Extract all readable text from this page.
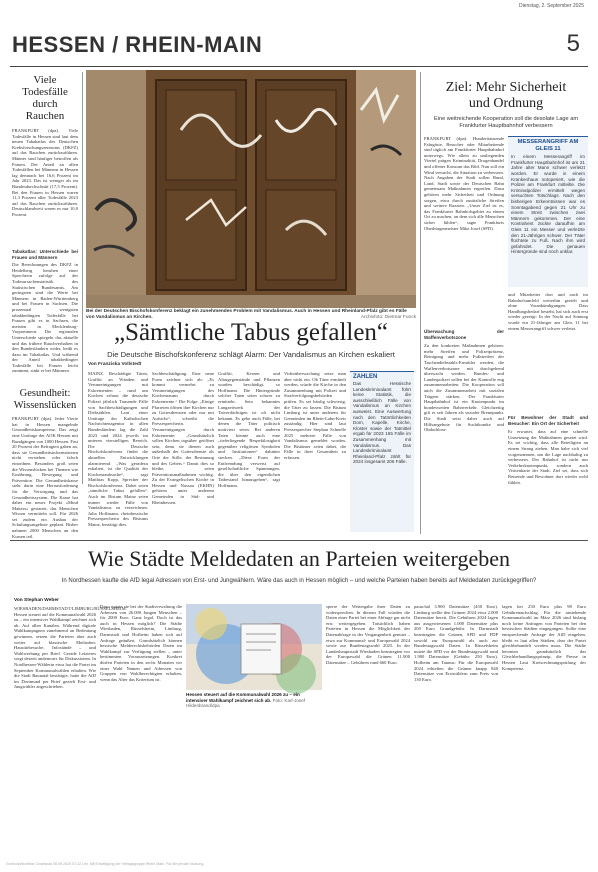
Dienstag, 2. September 2025
HESSEN / RHEIN-MAIN	5
Viele
Todesfälle
durch Rauchen
FRANKFURT (dpa). Viele Todesfälle in Hessen sind laut dem neuen Tabakatlas des Deutschen Krebsforschungszentrums (DKFZ) auf das Rauchen zurückzuführen. Männer sind häufiger betroffen als Frauen. Der Anteil an allen Todesfällen bei Männern in Hessen lag demnach bei 16,6 Prozent im Jahr 2023. Das ist weniger als im Bundesdurchschnitt (17,5 Prozent). Bei den Frauen in Hessen waren 11,3 Prozent aller Todesfälle 2023 auf das Rauchen zurückzuführen. Deutschlandweit waren es nur 10,0 Prozent.
Tabakatlas: Unterschiede bei Frauen und Männern
Die Berechnungen des DKFZ in Heidelberg beruhen einer Sprecherin zufolge auf der Todesursachenstatistik des Statistischen Bundesamts. Am geringsten sind die Werte bei Männern in Baden-Württemberg und bei Frauen in Sachsen. Die prozentual wenigsten tabakbedingten Todesfälle bei Frauen gibt es in Sachsen, die meisten in Mecklenburg-Vorpommern. Die regionalen Unterschiede spiegeln das aktuelle und das frühere Rauchverhalten in den Bundesländern wider, heißt es dazu im Tabakatlas. Und während der Anteil tabakbedingter Todesfälle bei Frauen leicht zunimmt, sinkt er bei Männern.
Gesundheit:
Wissenslücken
FRANKFURT (dpa). Jeder Vierte hat in Hessen mangelnde Gesundheitskompetenz. Das zeigt eine Umfrage der AOK Hessen mit Rundgängen von 1000 Hessen. Fast 20 Prozent der Befragten gaben an, dass sie Gesundheitsinformationen nicht verstehen oder falsch einordnen. Besonders groß seien die Wissenslücken bei Themen wie Ernährung, Bewegung und Prävention. Die Gesundheitskasse sieht darin eine Herausforderung für die Versorgung und das Gesundheitssystem. Die Kasse hat daher ein neues Projekt »Mind Matters« gestartet, das Menschen Wissen vermitteln soll. Für 2026 sei zudem ein Ausbau der Schulungsangebote geplant. Bisher nahmen 2000 Menschen an den Kursen teil.
Bei der Deutschen Bischofskonferenz beklagt ein zunehmendes Problem mit Vandalismus. Auch in Hessen und Rheinland-Pfalz gibt es Fälle von Vandalismus an Kirchen.	Archivfoto: Dietmar Funck
„Sämtliche Tabus gefallen“
Die Deutsche Bischofskonferenz schlägt Alarm: Der Vandalismus an Kirchen eskaliert
Von Franziska Vollstedt
MAINZ. Beschädigte Türen, Graffiti an Wänden und Verunreinigungen mit Exkrementen – rund um Kirchen erfasst die deutsche Polizei jährlich Tausende Fälle von Sachbeschädigungen und Diebstählen. Laut einer Umfrage der Katholischen Nachrichtenagentur in allen Bundesländern lag die Zahl 2023 und 2024 jeweils im unteren vierstelligen Bereich. Die Deutsche Bischofskonferenz findet die aktuellen Entwicklungen alarmierend. „Was geradezu eskaliert, ist die Qualität der Kirchenraubsache“, sagt Matthias Kopp, Sprecher der Bischofskonferenz. Dabei seien „sämtliche Tabus gefallen“. Auch im Bistum Mainz seien immer wieder Fälle von Vandalismus zu verzeichnen. Julia Hoffmann, rheinhessische Pressesprecherin des Bistums Mainz, bestätigt dies.
Sachbeschädigung. Eine neue Form zeichne sich ab: „Es kommt vermehrt zu Verunreinigungen des Kirchenraums durch Exkremente.“ Die Folge: „Einige Pfarreien öffnen ihre Kirchen nur zu Gottesdiensten oder nur mit Aufsicht“, schreibt die Pressesprecherin. Verunreinigungen durch Exkremente: „Grundsätzlich sollen Kirchen tagsüber geöffnet sein, denn sie dienen auch außerhalb der Gottesdienste als Orte der Stille, der Besinnung und des Gebets.“ Damit dies so bleibe, seien Präventionsmaßnahmen wichtig. Zu der Evangelischen Kirche in Hessen und Nassau (EKHN) gehören unter anderem Gemeinden in Süd- und Rheinhessen.
Graffiti, Kerzen und Altargegenstände und Pflanzen wurden beschädigt, so Hoffmann. Die Hintergründe solcher Taten seien schwer zu ermitteln. Sein bekanntes Langzeitwerk der Tatverdächtigen ist oft nicht bekannt. Es gebe auch Fälle, bei denen die Täter politisch motiviert seien. Bei anderen Taten könnte auch eine „tieferliegende Respektlosigkeit gegenüber religiösen Symbolen und Institutionen“ dahinter stecken. „Diese Form der Entfremdung verweist auf gesellschaftliche Spannungen, die über den eigentlichen Tatbestand hinausgehen“, sagt Hoffmann.
Videoüberwachung setze man aber nicht ein. Ob Täter ermittelt werden, würde die Kirche in den Zusammenhang mit Polizei und Strafverfolgungsbehörden prüfen. Es sei häufig schwierig, die Täter zu fassen. Die Bistum Limburg ist unter anderem für Gemeinden im Rhein-Lahn-Kreis zuständig. Hier sind laut Pressesprecher Stephan Schnelle 2025 mehrere Fälle von Vandalismus gemeldet worden. Die Bistümer seien dabei, die Fälle in ihrer Gesamtheit zu erfassen.
ZAHLEN
Das Hessische Landeskriminalamt führt keine Statistik, die ausschließlich Fälle von Vandalismus an Kirchen ausweist. Eine Auswertung nach den Tatörtlichkeiten Dom, Kapelle, Kirche, Kloster sowie der Tatmittel ergab für 2023 165 Fälle im Zusammenhang mit Vandalismus. Das Landeskriminalamt Rheinland-Pfalz zählt für 2024 insgesamt 206 Fälle.
Ziel: Mehr Sicherheit
und Ordnung
Eine weitreichende Kooperation soll die desolate Lage am Frankfurter Hauptbahnhof verbessern
FRANKFURT (dpa). Hunderttausende Fahrgäste, Besucher oder Mitarbeitende sind täglich am Frankfurter Hauptbahnhof unterwegs. Wie allein zu umliegenden Viertel prägen Kriminalität, Drogenhandel und offener Konsum das Bild. Nun soll ein Wind versucht, die Situation zu verbessern. Nach Angaben der Stadt sollen Bund, Land, Stadt sowie der Deutschen Bahn gemeinsam Maßnahmen ergreifen. Dazu gehören mehr Sicherheit und Ordnung sorgen, etwa durch zusätzliche Streifen und weitere Razzien. „Unser Ziel ist es, das Frankfurter Bahnhofsgebiet zu einem Ort zu machen, an dem sich alle Menschen sicher fühlen“, sagte Frankfurts Oberbürgermeister Mike Josef (SPD).
Überwachung der Waffenverbotszone
Zu den konkreten Maßnahmen gehören: mehr Streifen und Polizeipräsenz, Reinigung und mehr Fußstreifen der Taschendiebstahls-Ermittler werden, die Waffenverbotszone mit durchgehend überwacht werden. Bundes- und Landespolizei sollen bei der Kontrolle eng zusammenarbeiten. Die Kooperation soll auch die Zusammenarbeit mit sozialen Trägern stärken. Der Frankfurter Hauptbahnhof ist ein Knotenpunkt im bundesweiten Bahnverkehr. Gleichzeitig gilt er seit Jahren als sozialer Brennpunkt. Die Stadt setzt daher auch auf Hilfsangebote für Suchtkranke und Obdachlose.
MESSERANGRIFF AM GLEIS 11
In einem Messerangriff im Frankfurter Hauptbahnhof ist am 21 Jahre alter Mann schwer verletzt worden. Er wurde in einem Krankenhaus notoperiert, wie die Polizei am Frankfurt mitteilte. Die Kriminalpolizei ermittelt wegen versuchten Totschlags. Nach den bisherigen Erkenntnissen war es Sonntagabend gegen 21 Uhr zu einem Streit zwischen zwei Männern gekommen. Der eine Kontrahent zückte daraufhin am Gleis 11 ein Messer und verletzte den 21-Jährigen schwer. Der Täter flüchtete zu Fuß. Nach ihm wird gefahndet. Die genauen Hintergründe sind noch unklar.
und Mitarbeiter dort und auch im Bahnhofsumfeld weiterhin gezielt und ohne Vorankündigungen. Dass Handlungsbedarf besteht, hat sich auch erst wieder gezeigt: In der Nacht auf Sonntag wurde ein 21-Jähriger am Gleis 11 bei einem Messerangriff schwer verletzt.
Für Bewohner der Stadt und Besucher: Ein Ort der Sicherheit
Er erwartet, dass auf eine schnelle Umsetzung der Maßnahmen gesetzt wird. Es sei wichtig, dass alle Beteiligten an einem Strang ziehen. Man habe sich viel vorgenommen, um die Lage nachhaltig zu verbessern. Der Bahnhof ist nicht nur Verkehrsknotenpunkt, sondern auch Visitenkarte der Stadt. Ziel sei, dass sich Reisende und Bewohner dort wieder wohl fühlen.
Wie Städte Meldedaten an Parteien weitergeben
In Nordhessen kaufte die AfD legal Adressen von Erst- und Jungwählern. Wäre das auch in Hessen möglich – und welche Parteien haben bereits auf Meldedaten zurückgegriffen?
Von Stephan Weber
WIESBADEN/DARMSTADT/LIMBURG/RÜSSELSHEIM. Hessen steuert auf die Kommunalwahl 2026 zu – ein intensiver Wahlkampf zeichnet sich ab. Auf allen Kanälen. Während digitale Wahlkampagnen zunehmend an Bedeutung gewinnen, setzen die Parteien aber auch weiter auf klassische Methoden: Haustürbesuche, Infostände – und Wahlwerbung per Brief. Gerade Letzteres sorgt derzeit andernorts für Diskussionen. In Nordhessen-Wählerin etwa hat die Partei im September Kommunalwählen erhalten. Wie die Stadt Baunatal bestätigte, hatte die AfD im Dortmund per Brief gezielt Erst- und Jungwähler angeschrieben.
Dazu nutzte sie bei der Stadtverwaltung die Adressen von 26.000 Jungen Menschen – für 2000 Euro. Ganz legal. Doch ist das auch in Hessen möglich? Die Städte Wiesbaden, Rüsselsheim, Limburg, Darmstadt und Hofheim haben sich auf Anfrage geäußert. Grundsätzlich können hessische Melderechtsbehörden Daten im Wahlkampf zur Verfügung stellen – unter bestimmten Voraussetzungen. Konkret dürfen Parteien in den sechs Monaten vor einer Wahl Namen und Adressen von Gruppen von Wahlberechtigten erhalten, wenn das Alter das Kriterium ist.
Hessen steuert auf die Kommunalwahl 2026 zu – ein intensiver Wahlkampf zeichnet sich ab. Foto: Karl-Josef Hildenbrand/dpa
sperre der Wettergabe ihrer Daten zu widersprechen. In diesem Fall würden die Daten einer Partei bei einer Abfrage gar nicht erst weitergegeben. Tatsächlich haben Parteien in Hessen die Möglichkeit der Datenabfrage in der Vergangenheit genutzt – etwa zur Kommunal- und Europawahl 2024 sowie zur Bundestagswahl 2025. In der Landeshauptstadt Wiesbaden beantragten vor der Europawahl die Grünen 11.900 Datensätze – Gebühren rund 660 Euro.
pauschal 3.900 Datensätze (450 Euro). Limburg stellte den Grünen 2024 etwa 2.000 Datensätze bereit. Die Gebühren 2024 lagen aus ausgewiesenen 1.000 Datensätze plus 200 Euro Grundgebühr. In Darmstadt beantragten die Grünen, SPD und FDP sowohl zur Europawahl als auch zur Bundestagswahl Daten. In Rüsselsheim nutzte die SPD vor der Bundestagswahl rund 1.900 Datensätze (Gebühr: 250 Euro). Hofheim am Taunus: Für die Europawahl 2024 erhielten die Grünen knapp 840 Datensätze von Erstwählern zum Preis von 130 Euro.
lagen bei 250 Euro plus 98 Euro Gebührenaufschlag. Für die anstehende Kommunalwahl im März 2026 sind bislang noch keine Anfragen von Parteien bei den hessischen Städten eingegangen. Sollte eine entsprechende Anfrage der AfD eingehen, bleibt es laut allen Städten, dass der Partei gleichbehandelt werden muss. Die Städte betonten grundsätzlich das Gleichbehandlungsprinzip, die Presse in Hessen Laut Kreisrechnungsprüfung der Kompetenz.
Gedruckt/sichtbar: Download 06.09.2025 07:22 Uhr. Mit Einwilligung der Verlagsgruppe Rhein Main. Für die private Nutzung.
